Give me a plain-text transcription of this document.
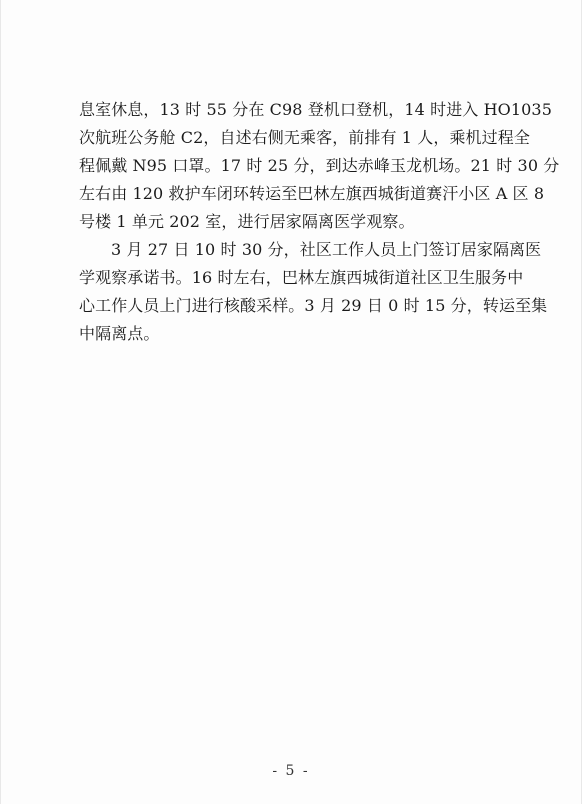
息室休息，13 时 55 分在 C98 登机口登机，14 时进入 HO1035
次航班公务舱 C2，自述右侧无乘客，前排有 1 人，乘机过程全
程佩戴 N95 口罩。17 时 25 分，到达赤峰玉龙机场。21 时 30 分
左右由 120 救护车闭环转运至巴林左旗西城街道赛汗小区 A 区 8
号楼 1 单元 202 室，进行居家隔离医学观察。
3 月 27 日 10 时 30 分，社区工作人员上门签订居家隔离医
学观察承诺书。16 时左右，巴林左旗西城街道社区卫生服务中
心工作人员上门进行核酸采样。3 月 29 日 0 时 15 分，转运至集
中隔离点。
- 5 -
